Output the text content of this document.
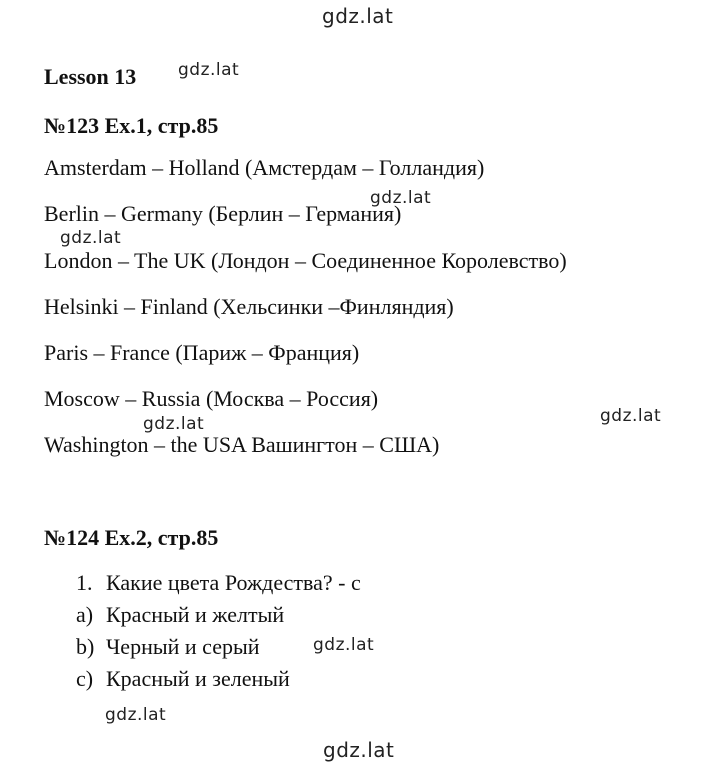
gdz.lat
gdz.lat
gdz.lat
gdz.lat
gdz.lat
gdz.lat
gdz.lat
gdz.lat
gdz.lat
Lesson 13
№123 Ex.1, стр.85
Amsterdam – Holland (Амстердам – Голландия)
Berlin – Germany (Берлин – Германия)
London – The UK (Лондон – Соединенное Королевство)
Helsinki – Finland (Хельсинки –Финляндия)
Paris – France (Париж – Франция)
Moscow – Russia (Москва – Россия)
Washington – the USA Вашингтон – США)
№124 Ex.2, стр.85
1. Какие цвета Рождества? - c
a) Красный и желтый
b) Черный и серый
c) Красный и зеленый
